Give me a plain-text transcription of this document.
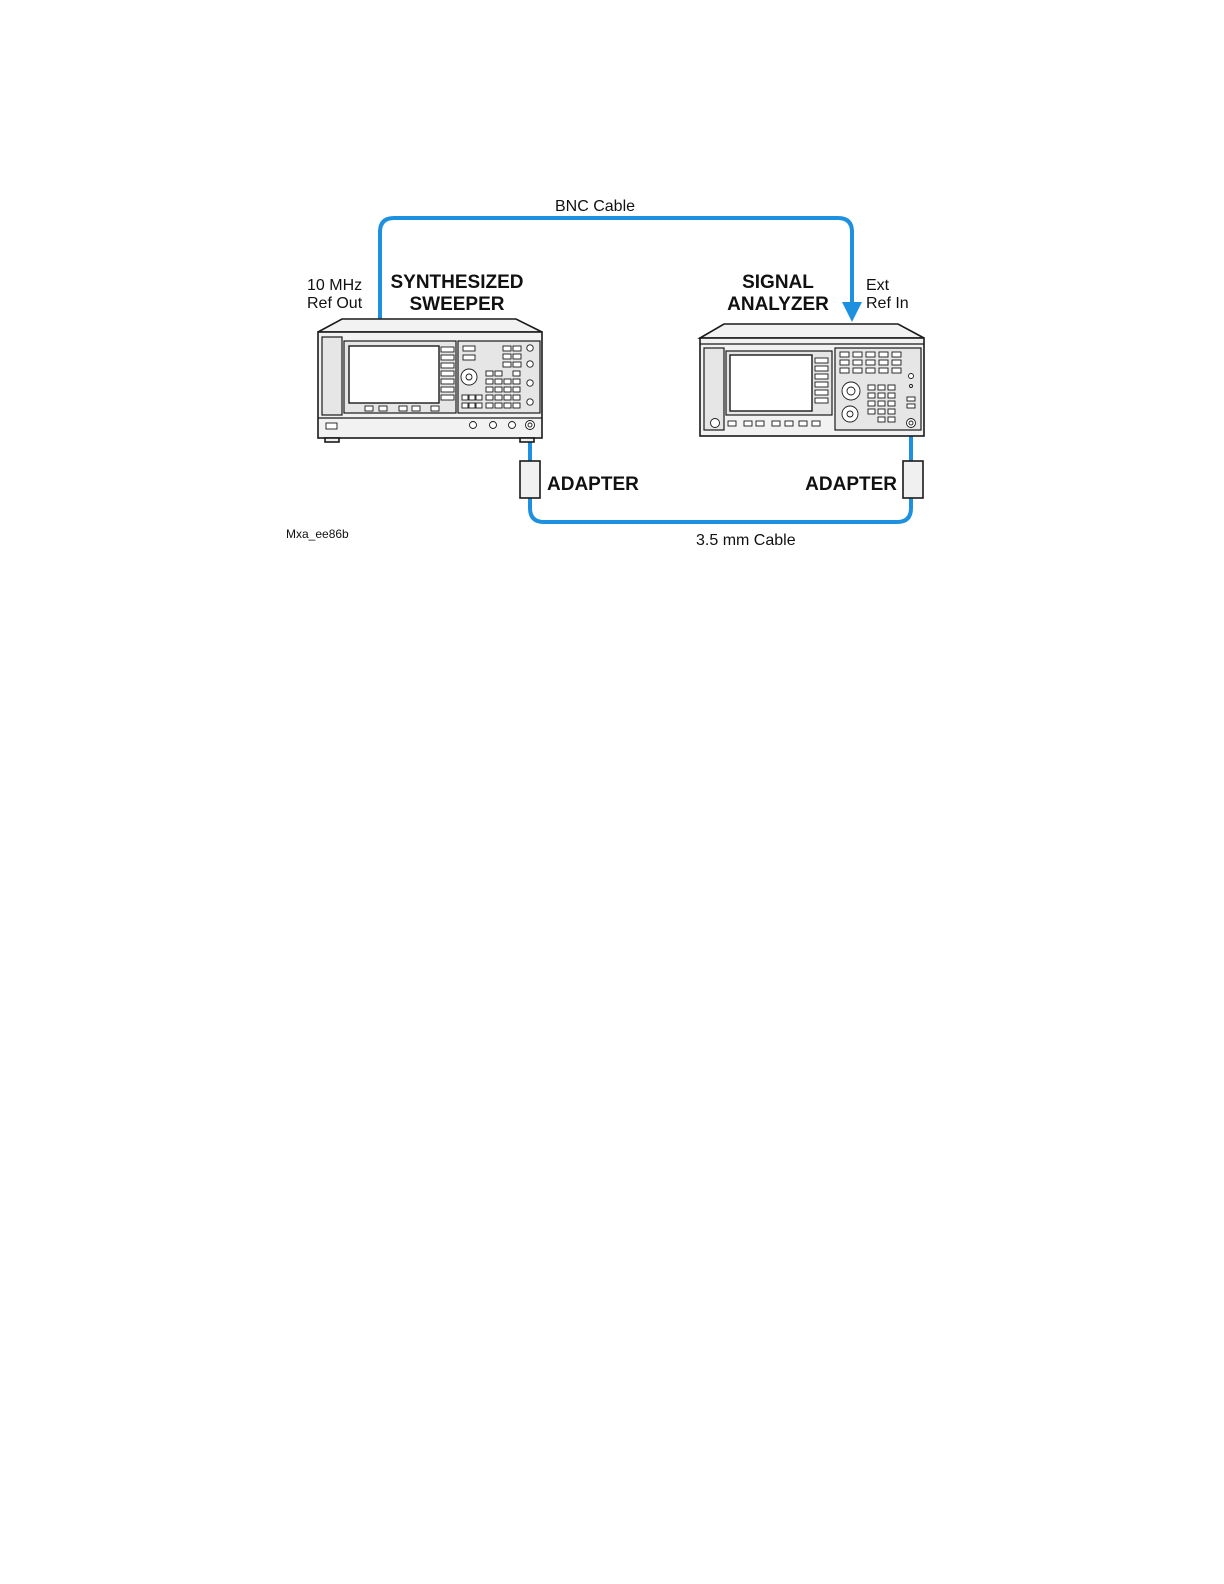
BNC Cable
10 MHz
Ref Out
SYNTHESIZED
SWEEPER
SIGNAL
ANALYZER
Ext
Ref In
ADAPTER	ADAPTER
Mxa_ee86b	3.5 mm Cable
